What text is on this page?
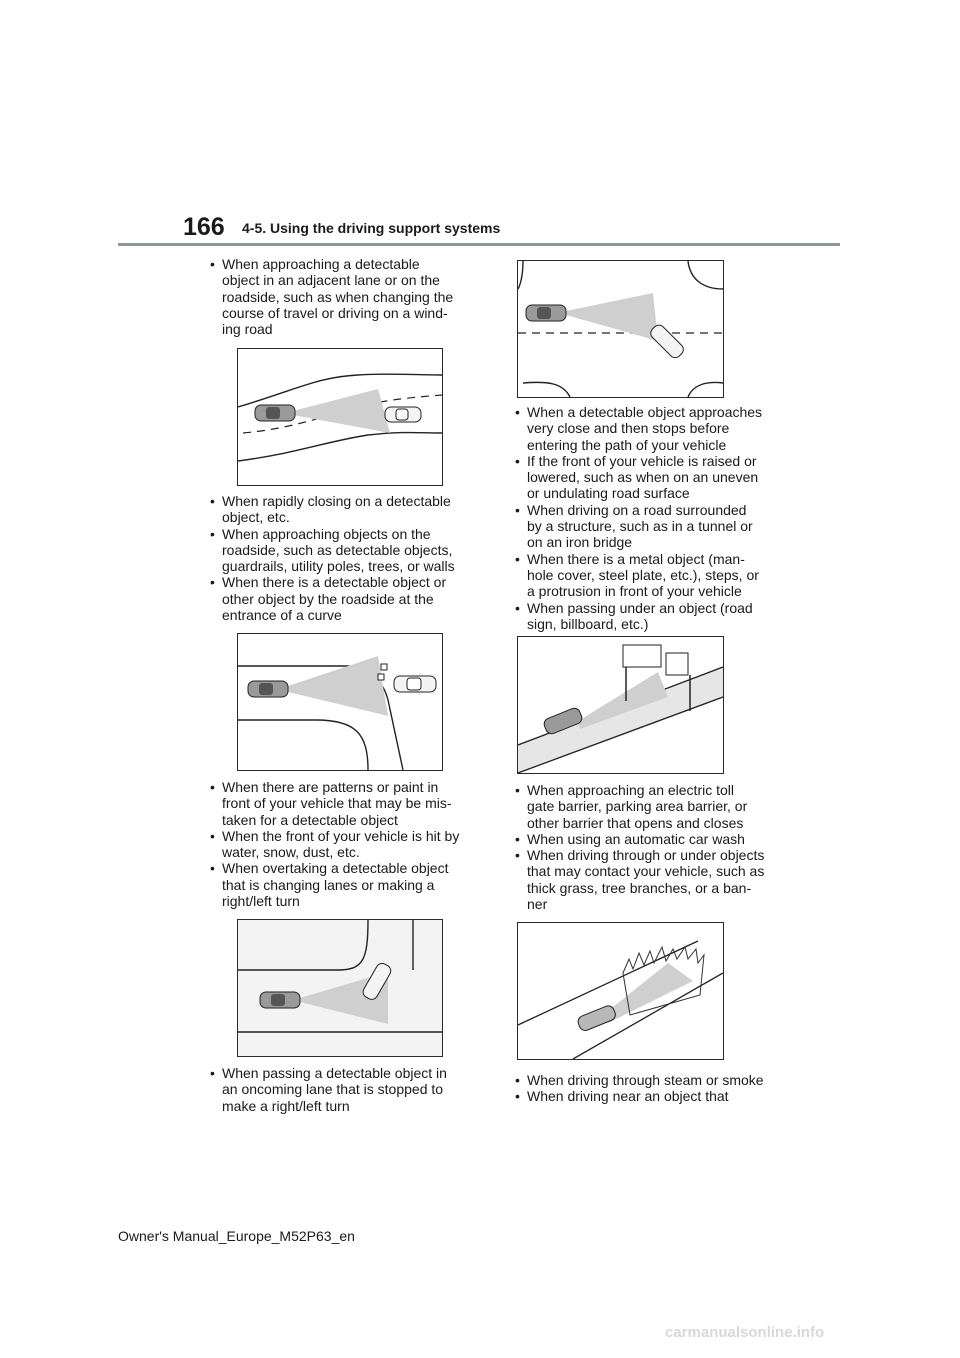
166 4-5. Using the driving support systems
• When approaching a detectable object in an adjacent lane or on the roadside, such as when changing the course of travel or driving on a wind-ing road
• When rapidly closing on a detectable object, etc.
• When approaching objects on the roadside, such as detectable objects, guardrails, utility poles, trees, or walls
• When there is a detectable object or other object by the roadside at the entrance of a curve
• When there are patterns or paint in front of your vehicle that may be mis-taken for a detectable object
• When the front of your vehicle is hit by water, snow, dust, etc.
• When overtaking a detectable object that is changing lanes or making a right/left turn
• When passing a detectable object in an oncoming lane that is stopped to make a right/left turn
• When a detectable object approaches very close and then stops before entering the path of your vehicle
• If the front of your vehicle is raised or lowered, such as when on an uneven or undulating road surface
• When driving on a road surrounded by a structure, such as in a tunnel or on an iron bridge
• When there is a metal object (man-hole cover, steel plate, etc.), steps, or a protrusion in front of your vehicle
• When passing under an object (road sign, billboard, etc.)
• When approaching an electric toll gate barrier, parking area barrier, or other barrier that opens and closes
• When using an automatic car wash
• When driving through or under objects that may contact your vehicle, such as thick grass, tree branches, or a ban-ner
• When driving through steam or smoke
• When driving near an object that
Owner's Manual_Europe_M52P63_en
carmanualsonline.info
